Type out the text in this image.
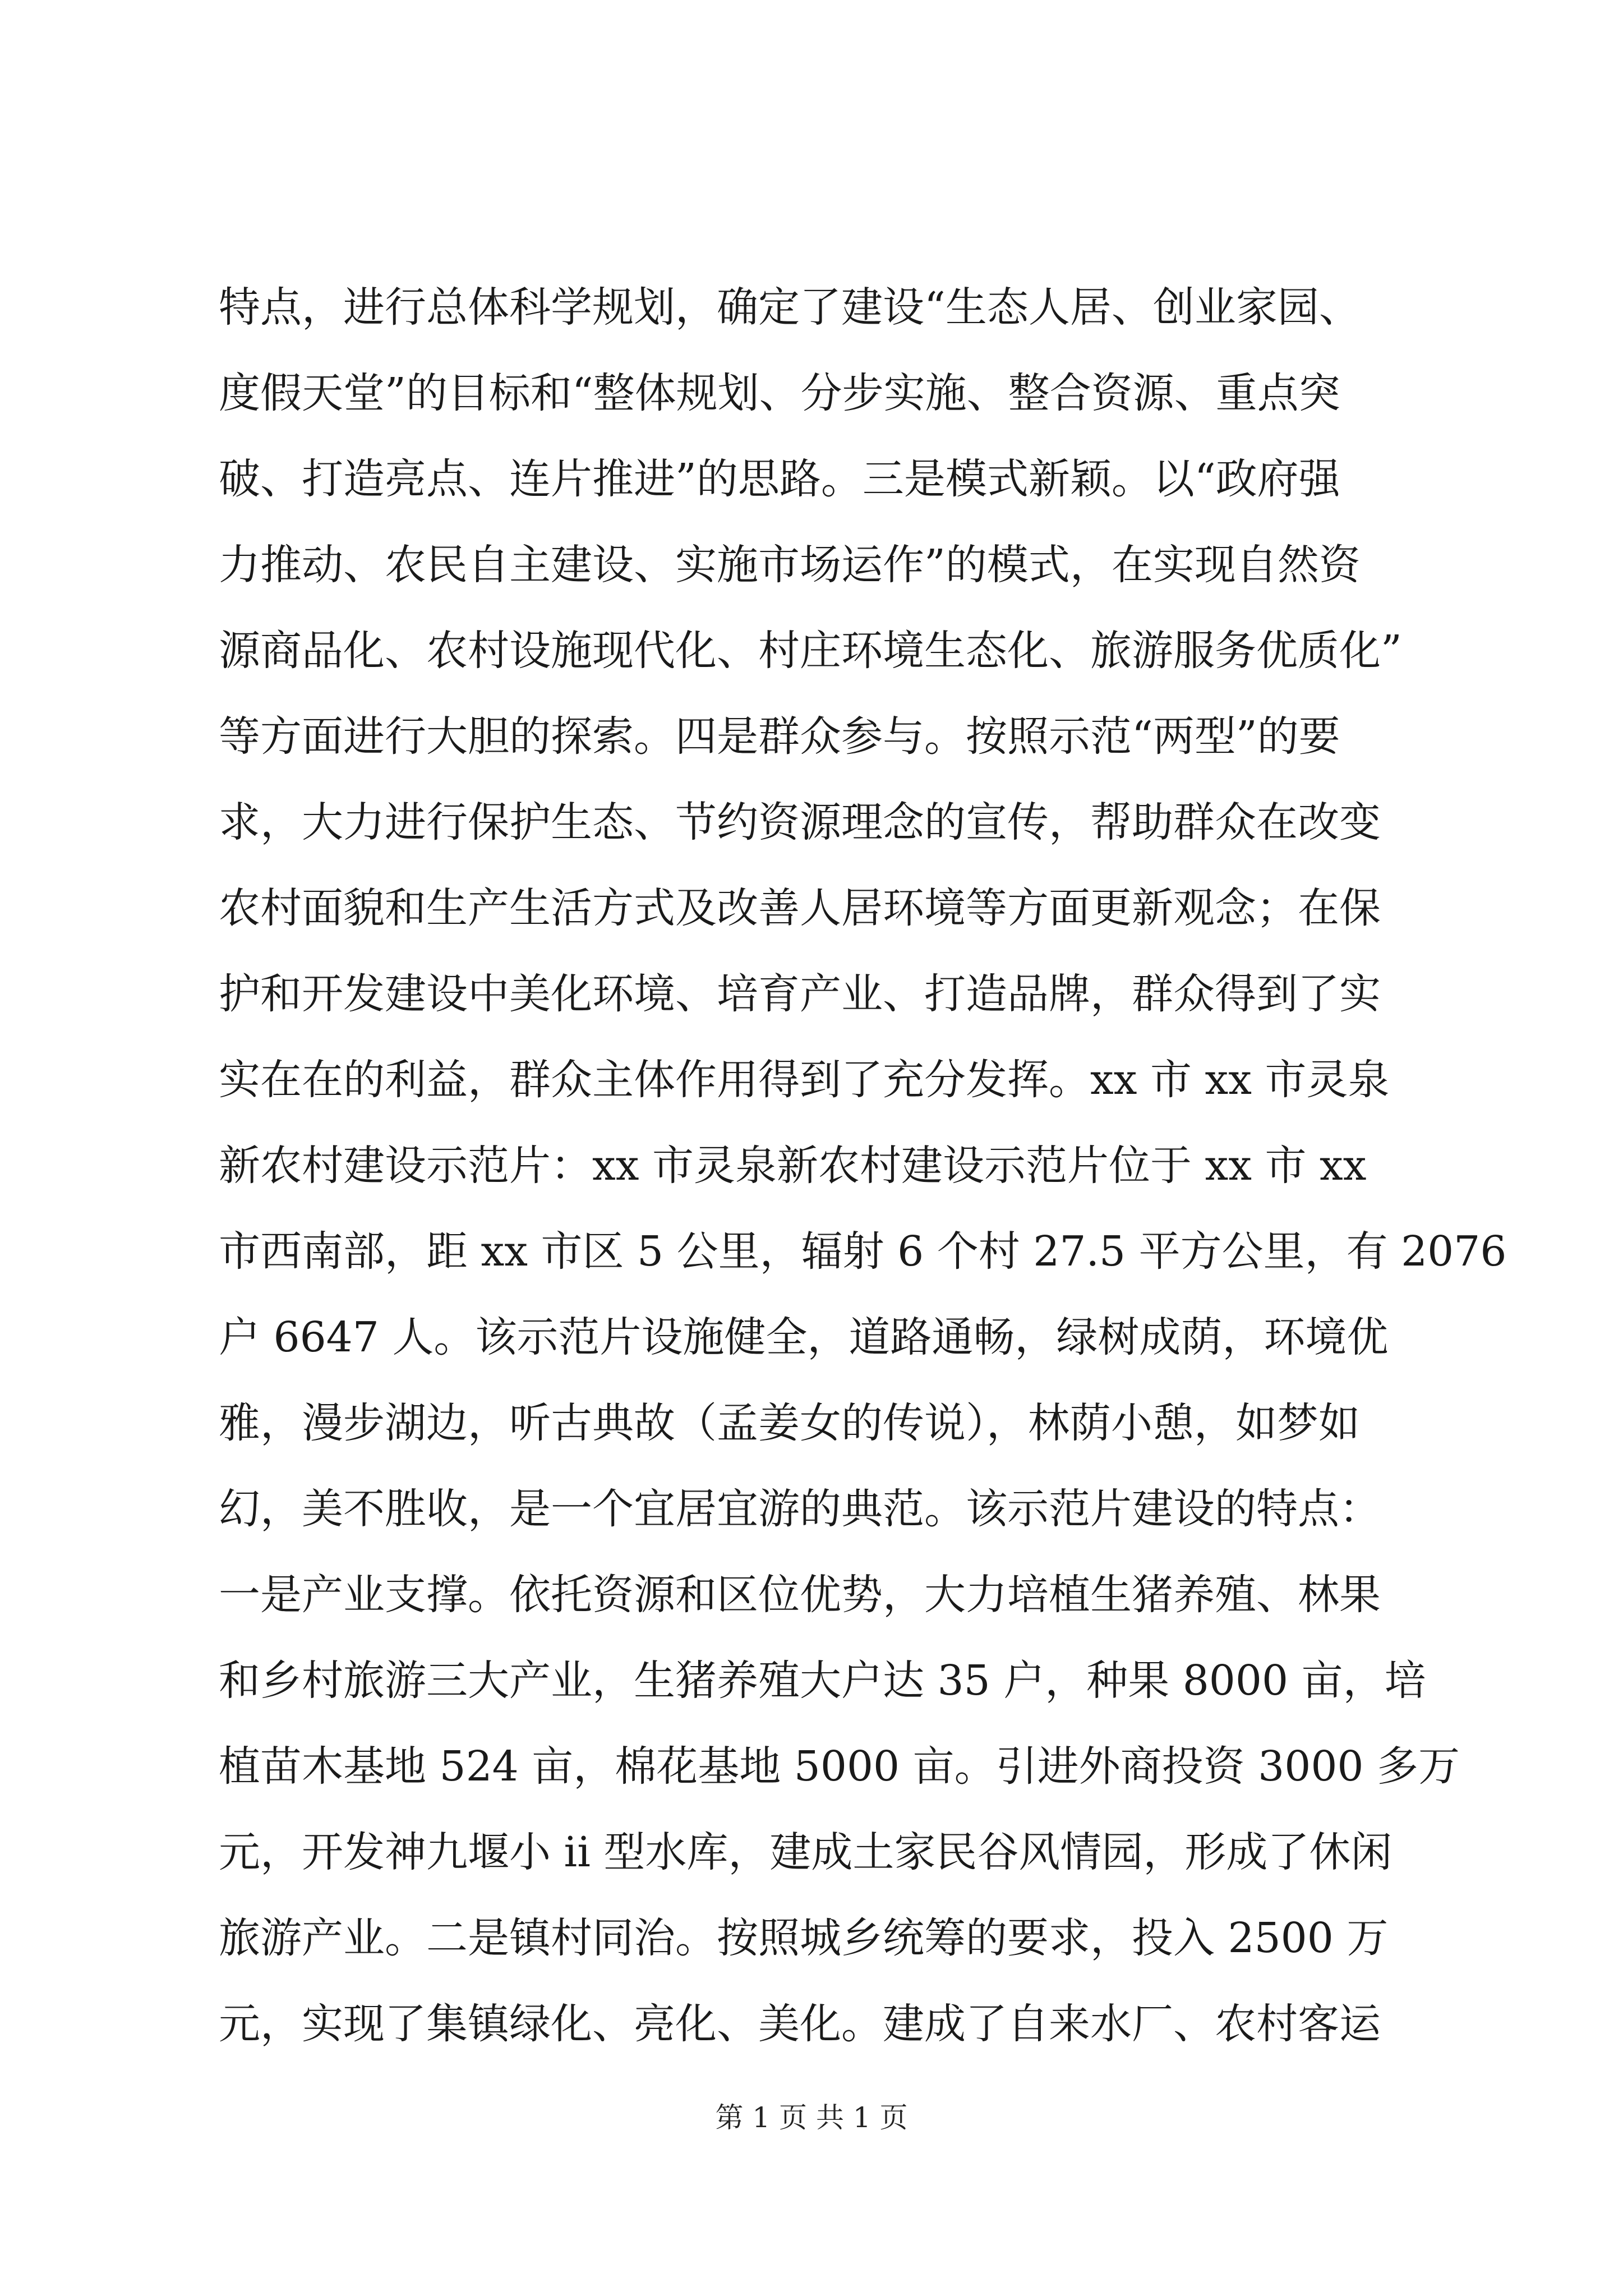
特点，进行总体科学规划，确定了建设“生态人居、创业家园、
度假天堂”的目标和“整体规划、分步实施、整合资源、重点突
破、打造亮点、连片推进”的思路。三是模式新颖。以“政府强
力推动、农民自主建设、实施市场运作”的模式，在实现自然资
源商品化、农村设施现代化、村庄环境生态化、旅游服务优质化”
等方面进行大胆的探索。四是群众参与。按照示范“两型”的要
求，大力进行保护生态、节约资源理念的宣传，帮助群众在改变
农村面貌和生产生活方式及改善人居环境等方面更新观念；在保
护和开发建设中美化环境、培育产业、打造品牌，群众得到了实
实在在的利益，群众主体作用得到了充分发挥。xx 市 xx 市灵泉
新农村建设示范片：xx 市灵泉新农村建设示范片位于 xx 市 xx
市西南部，距 xx 市区 5 公里，辐射 6 个村 27.5 平方公里，有 2076
户 6647 人。该示范片设施健全，道路通畅，绿树成荫，环境优
雅，漫步湖边，听古典故（孟姜女的传说），林荫小憩，如梦如
幻，美不胜收，是一个宜居宜游的典范。该示范片建设的特点：
一是产业支撑。依托资源和区位优势，大力培植生猪养殖、林果
和乡村旅游三大产业，生猪养殖大户达 35 户，种果 8000 亩，培
植苗木基地 524 亩，棉花基地 5000 亩。引进外商投资 3000 多万
元，开发神九堰小 ii 型水库，建成土家民谷风情园，形成了休闲
旅游产业。二是镇村同治。按照城乡统筹的要求，投入 2500 万
元，实现了集镇绿化、亮化、美化。建成了自来水厂、农村客运
第 1 页 共 1 页
